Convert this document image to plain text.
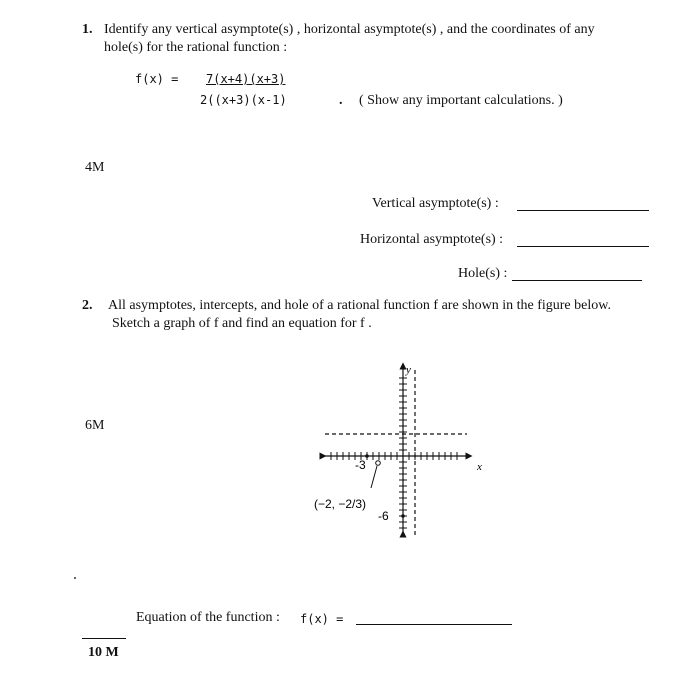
1. Identify any vertical asymptote(s) , horizontal asymptote(s) , and the coordinates of any
hole(s) for the rational function :
f(x) = 7(x+4)(x+3)
2((x+3)(x-1)	. ( Show any important calculations. )
4M
Vertical asymptote(s) :
Horizontal asymptote(s) :
Hole(s) :
2. All asymptotes, intercepts, and hole of a rational function f are shown in the figure below.
Sketch a graph of f and find an equation for f .
6M
y
x
-3
-6
(−2, −2/3)
Equation of the function : f(x) =
10 M
